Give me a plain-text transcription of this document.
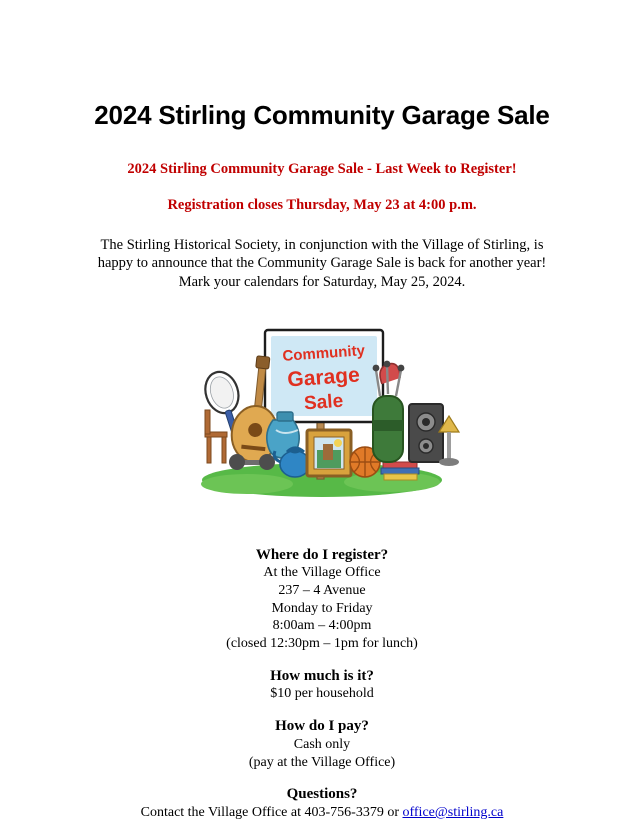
2024 Stirling Community Garage Sale

2024 Stirling Community Garage Sale - Last Week to Register!

Registration closes Thursday, May 23 at 4:00 p.m.

The Stirling Historical Society, in conjunction with the Village of Stirling, is
happy to announce that the Community Garage Sale is back for another year!
Mark your calendars for Saturday, May 25, 2024.

Community
Garage
Sale

Where do I register?

At the Village Office

237 – 4 Avenue

Monday to Friday

8:00am – 4:00pm

(closed 12:30pm – 1pm for lunch)

How much is it?

$10 per household

How do I pay?

Cash only

(pay at the Village Office)

Questions?

Contact the Village Office at 403-756-3379 or office@stirling.ca
